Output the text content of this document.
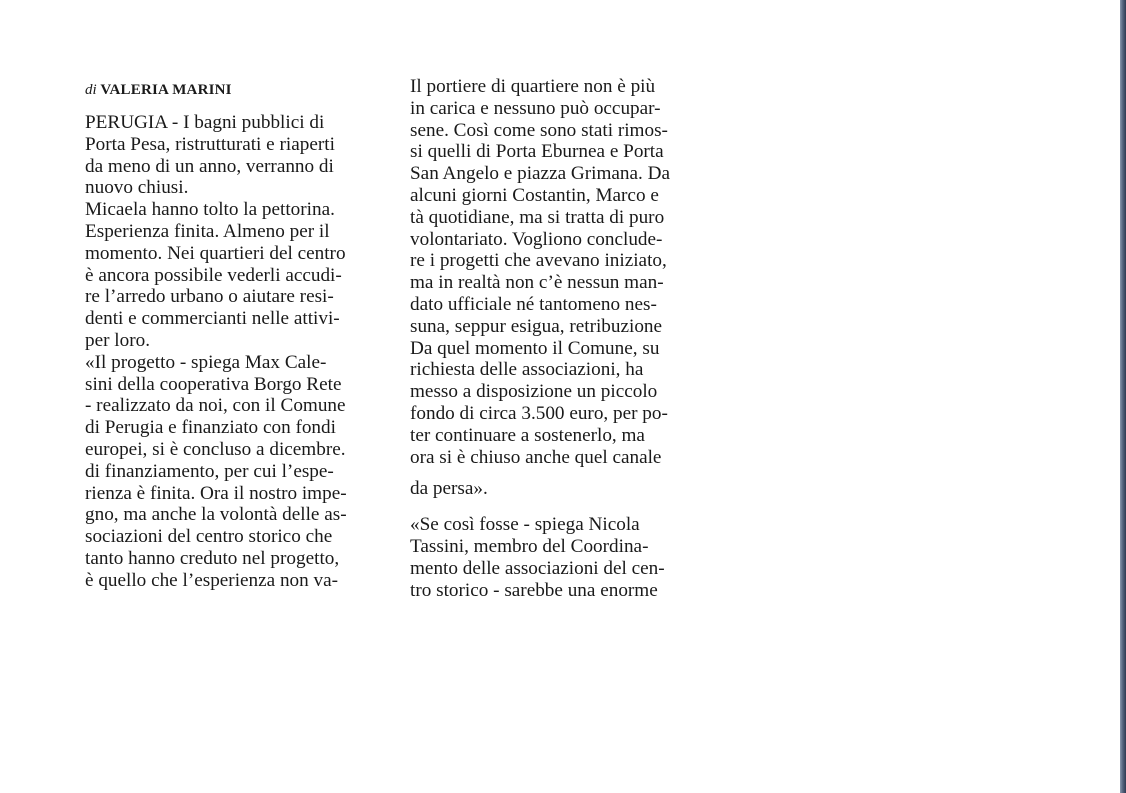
di VALERIA MARINI
PERUGIA - I bagni pubblici di
Porta Pesa, ristrutturati e riaperti
da meno di un anno, verranno di
nuovo chiusi.
Micaela hanno tolto la pettorina.
Esperienza finita. Almeno per il
momento. Nei quartieri del centro
è ancora possibile vederli accudi-
re l’arredo urbano o aiutare resi-
denti e commercianti nelle attivi-
per loro.
«Il progetto - spiega Max Cale-
sini della cooperativa Borgo Rete
- realizzato da noi, con il Comune
di Perugia e finanziato con fondi
europei, si è concluso a dicembre.
di finanziamento, per cui l’espe-
rienza è finita. Ora il nostro impe-
gno, ma anche la volontà delle as-
sociazioni del centro storico che
tanto hanno creduto nel progetto,
è quello che l’esperienza non va-
Il portiere di quartiere non è più
in carica e nessuno può occupar-
sene. Così come sono stati rimos-
si quelli di Porta Eburnea e Porta
San Angelo e piazza Grimana. Da
alcuni giorni Costantin, Marco e
tà quotidiane, ma si tratta di puro
volontariato. Vogliono conclude-
re i progetti che avevano iniziato,
ma in realtà non c’è nessun man-
dato ufficiale né tantomeno nes-
suna, seppur esigua, retribuzione
Da quel momento il Comune, su
richiesta delle associazioni, ha
messo a disposizione un piccolo
fondo di circa 3.500 euro, per po-
ter continuare a sostenerlo, ma
ora si è chiuso anche quel canale
da persa».
«Se così fosse - spiega Nicola
Tassini, membro del Coordina-
mento delle associazioni del cen-
tro storico - sarebbe una enorme
